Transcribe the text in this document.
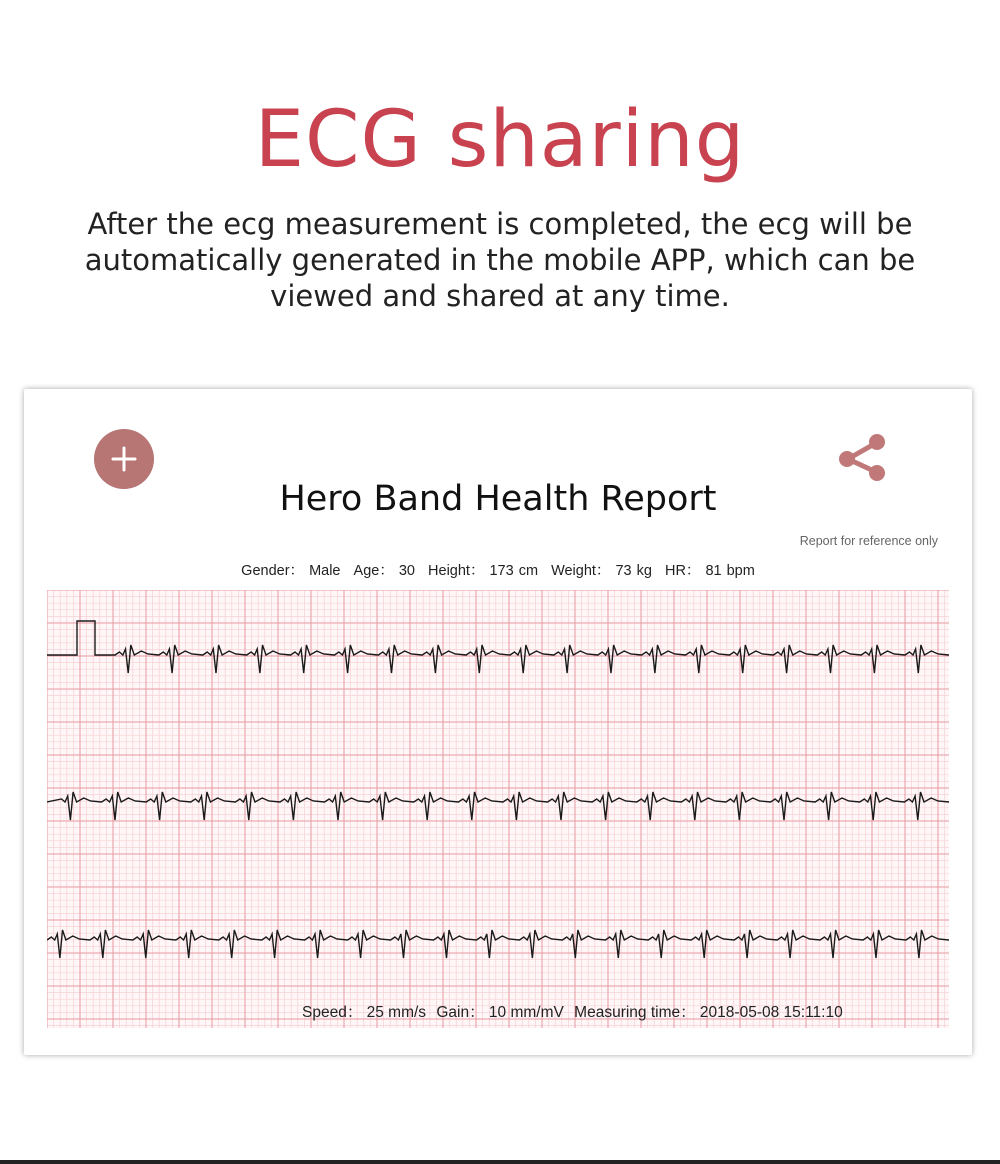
ECG sharing
After the ecg measurement is completed, the ecg will be automatically generated in the mobile APP, which can be viewed and shared at any time.
Hero Band Health Report
Report for reference only
Gender： Male Age： 30 Height： 173 cm Weight： 73 kg HR： 81 bpm
Speed： 25 mm/s Gain： 10 mm/mV Measuring time： 2018-05-08 15:11:10
